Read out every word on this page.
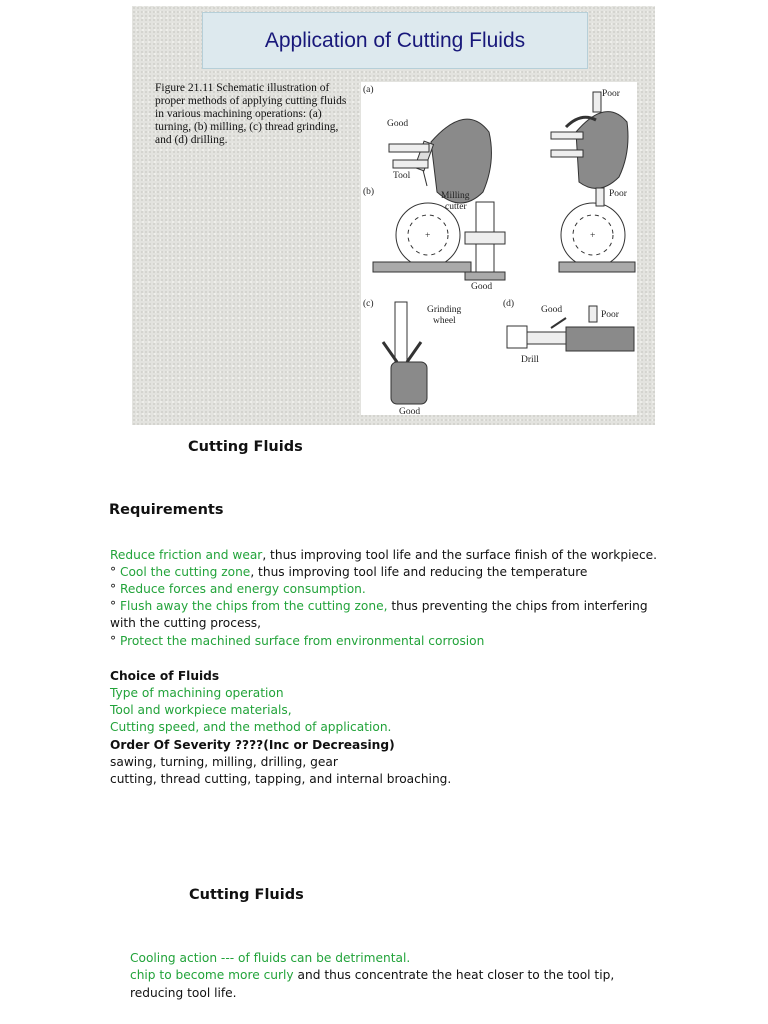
Application of Cutting Fluids
Figure 21.11 Schematic illustration of proper methods of applying cutting fluids in various machining operations: (a) turning, (b) milling, (c) thread grinding, and (d) drilling.
(a)
Good
Tool
Poor
(b)
+
Milling
cutter
Good
+
Poor
(c)
Grinding
wheel
Good
(d)
Good	Poor
Drill
Cutting Fluids
Requirements
Reduce friction and wear, thus improving tool life and the surface finish of the workpiece.
° Cool the cutting zone, thus improving tool life and reducing the temperature
° Reduce forces and energy consumption.
° Flush away the chips from the cutting zone, thus preventing the chips from interfering
with the cutting process,
° Protect the machined surface from environmental corrosion
Choice of Fluids
Type of machining operation
Tool and workpiece materials,
Cutting speed, and the method of application.
Order Of Severity ????(Inc or Decreasing)
sawing, turning, milling, drilling, gear
cutting, thread cutting, tapping, and internal broaching.
Cutting Fluids
Cooling action --- of fluids can be detrimental.
chip to become more curly and thus concentrate the heat closer to the tool tip,
reducing tool life.
